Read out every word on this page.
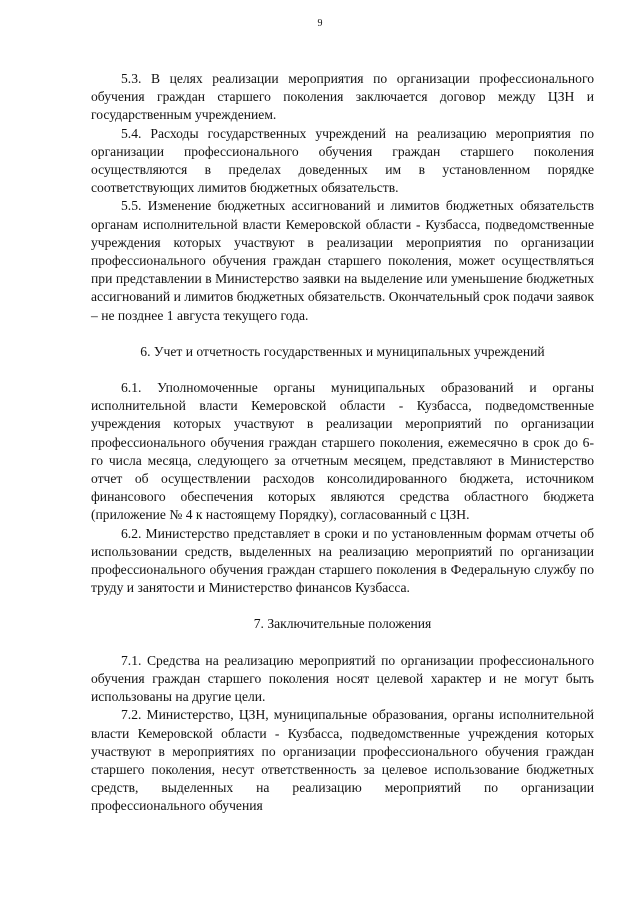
9

5.3. В целях реализации мероприятия по организации профессионального обучения граждан старшего поколения заключается договор между ЦЗН и государственным учреждением.

5.4. Расходы государственных учреждений на реализацию мероприятия по организации профессионального обучения граждан старшего поколения осуществляются в пределах доведенных им в установленном порядке соответствующих лимитов бюджетных обязательств.

5.5. Изменение бюджетных ассигнований и лимитов бюджетных обязательств органам исполнительной власти Кемеровской области - Кузбасса, подведомственные учреждения которых участвуют в реализации мероприятия по организации профессионального обучения граждан старшего поколения, может осуществляться при представлении в Министерство заявки на выделение или уменьшение бюджетных ассигнований и лимитов бюджетных обязательств. Окончательный срок подачи заявок – не позднее 1 августа текущего года.

6. Учет и отчетность государственных и муниципальных учреждений

6.1. Уполномоченные органы муниципальных образований и органы исполнительной власти Кемеровской области - Кузбасса, подведомственные учреждения которых участвуют в реализации мероприятий по организации профессионального обучения граждан старшего поколения, ежемесячно в срок до 6-го числа месяца, следующего за отчетным месяцем, представляют в Министерство отчет об осуществлении расходов консолидированного бюджета, источником финансового обеспечения которых являются средства областного бюджета (приложение № 4 к настоящему Порядку), согласованный с ЦЗН.

6.2. Министерство представляет в сроки и по установленным формам отчеты об использовании средств, выделенных на реализацию мероприятий по организации профессионального обучения граждан старшего поколения в Федеральную службу по труду и занятости и Министерство финансов Кузбасса.

7. Заключительные положения

7.1. Средства на реализацию мероприятий по организации профессионального обучения граждан старшего поколения носят целевой характер и не могут быть использованы на другие цели.

7.2. Министерство, ЦЗН, муниципальные образования, органы исполнительной власти Кемеровской области - Кузбасса, подведомственные учреждения которых участвуют в мероприятиях по организации профессионального обучения граждан старшего поколения, несут ответственность за целевое использование бюджетных средств, выделенных на реализацию мероприятий по организации профессионального обучения
